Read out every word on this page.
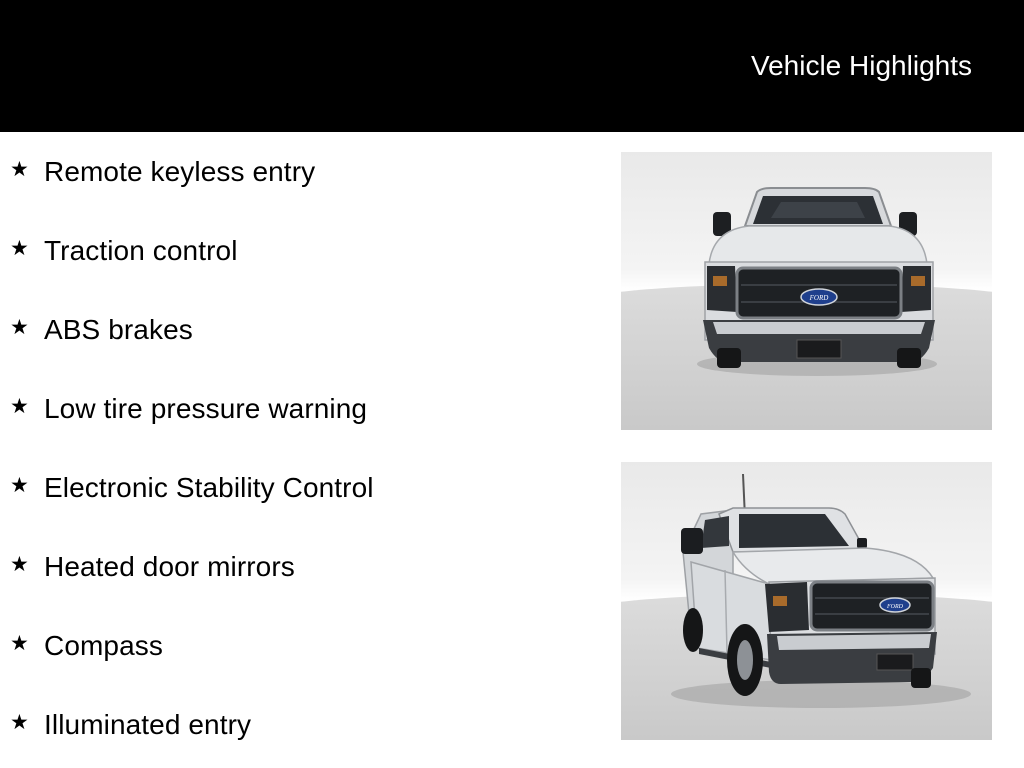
Vehicle Highlights
★ Remote keyless entry
★ Traction control
★ ABS brakes
★ Low tire pressure warning
★ Electronic Stability Control
★ Heated door mirrors
★ Compass
★ Illuminated entry
FORD
FORD
